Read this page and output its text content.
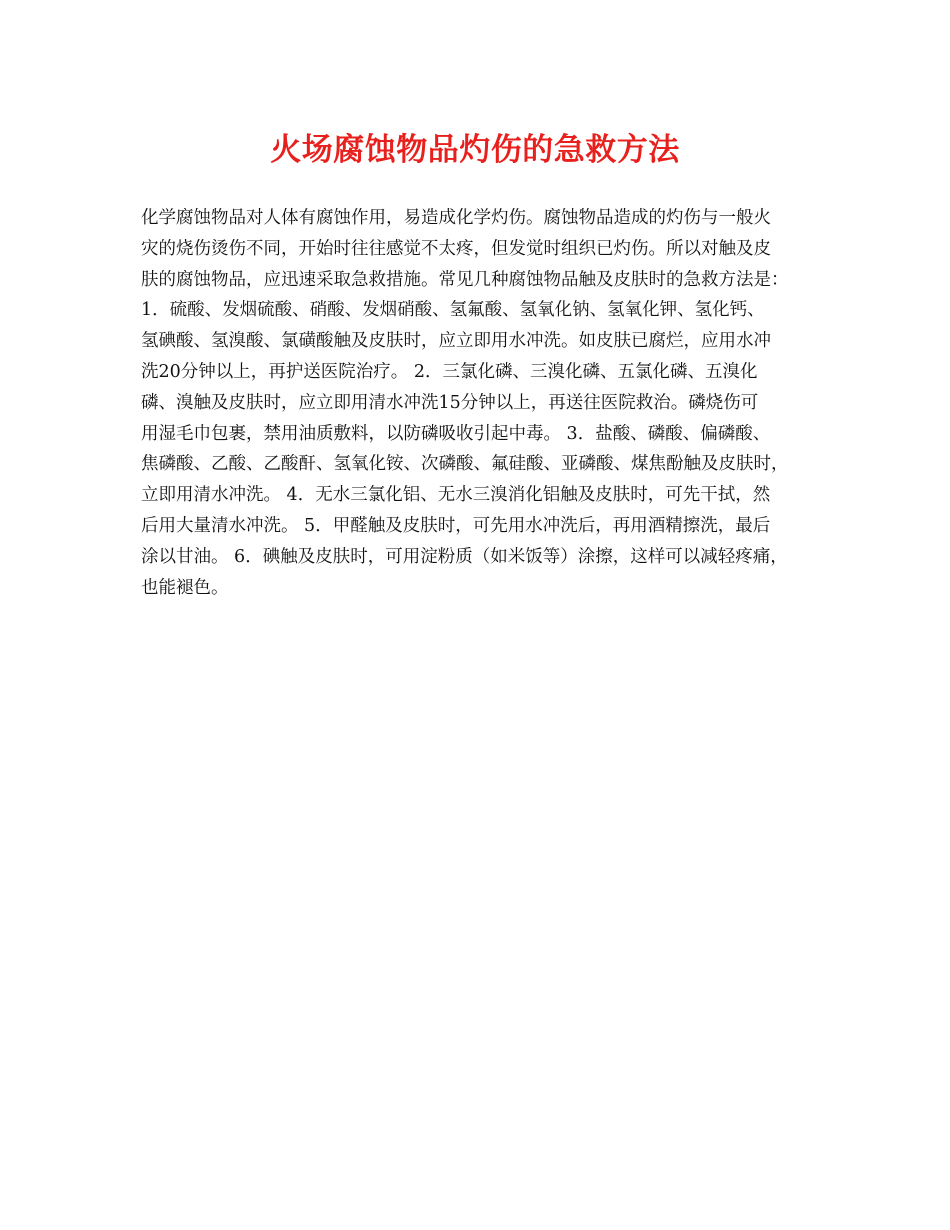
火场腐蚀物品灼伤的急救方法
化学腐蚀物品对人体有腐蚀作用，易造成化学灼伤。腐蚀物品造成的灼伤与一般火
灾的烧伤烫伤不同，开始时往往感觉不太疼，但发觉时组织已灼伤。所以对触及皮
肤的腐蚀物品，应迅速采取急救措施。常见几种腐蚀物品触及皮肤时的急救方法是：
1．硫酸、发烟硫酸、硝酸、发烟硝酸、氢氟酸、氢氧化钠、氢氧化钾、氢化钙、
氢碘酸、氢溴酸、氯磺酸触及皮肤时，应立即用水冲洗。如皮肤已腐烂，应用水冲
洗20分钟以上，再护送医院治疗。 2．三氯化磷、三溴化磷、五氯化磷、五溴化
磷、溴触及皮肤时，应立即用清水冲洗15分钟以上，再送往医院救治。磷烧伤可
用湿毛巾包裹，禁用油质敷料，以防磷吸收引起中毒。 3．盐酸、磷酸、偏磷酸、
焦磷酸、乙酸、乙酸酐、氢氧化铵、次磷酸、氟硅酸、亚磷酸、煤焦酚触及皮肤时，
立即用清水冲洗。 4．无水三氯化铝、无水三溴消化铝触及皮肤时，可先干拭，然
后用大量清水冲洗。 5．甲醛触及皮肤时，可先用水冲洗后，再用酒精擦洗，最后
涂以甘油。 6．碘触及皮肤时，可用淀粉质（如米饭等）涂擦，这样可以减轻疼痛，
也能褪色。
